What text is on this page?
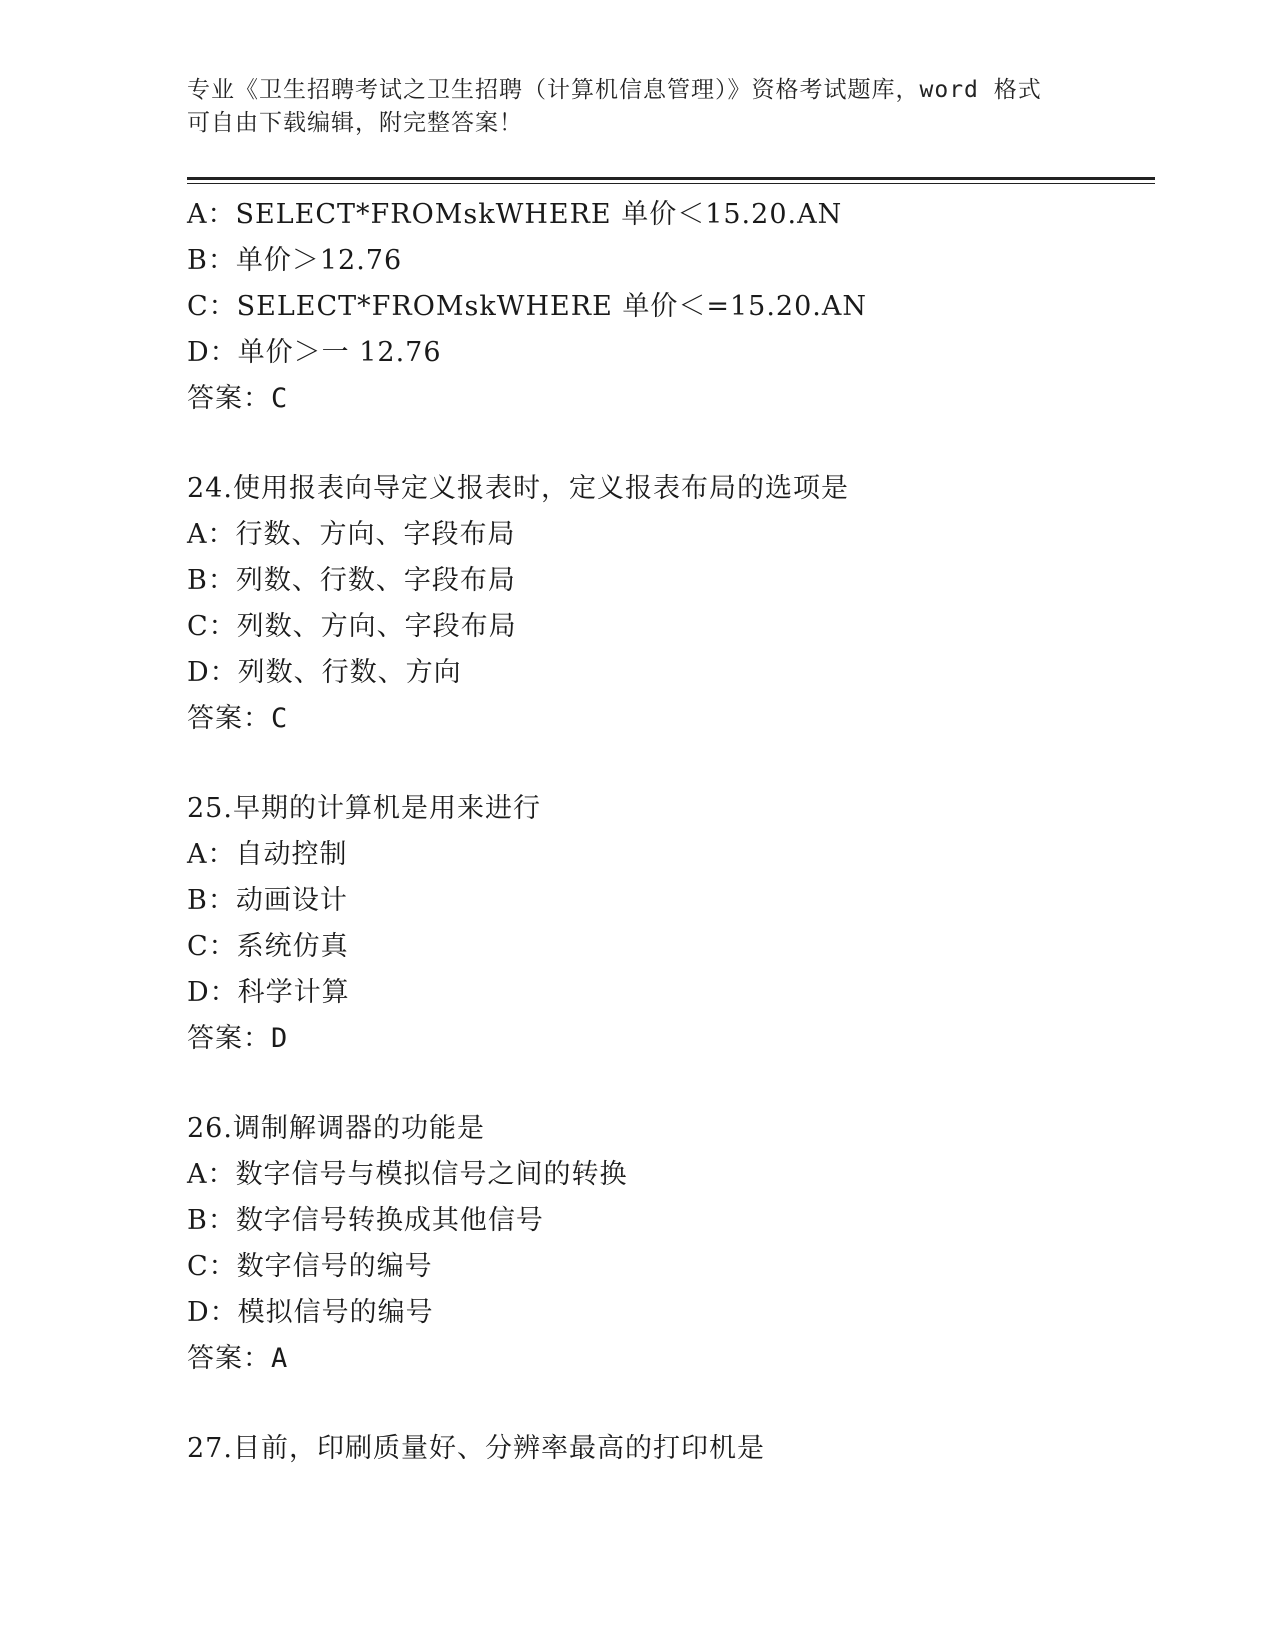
专业《卫生招聘考试之卫生招聘（计算机信息管理）》资格考试题库，word 格式
可自由下载编辑，附完整答案！
A：SELECT*FROMskWHERE 单价＜15.20.AN
B：单价＞12.76
C：SELECT*FROMskWHERE 单价＜=15.20.AN
D：单价＞一 12.76
答案：C
24.使用报表向导定义报表时，定义报表布局的选项是
A：行数、方向、字段布局
B：列数、行数、字段布局
C：列数、方向、字段布局
D：列数、行数、方向
答案：C
25.早期的计算机是用来进行
A：自动控制
B：动画设计
C：系统仿真
D：科学计算
答案：D
26.调制解调器的功能是
A：数字信号与模拟信号之间的转换
B：数字信号转换成其他信号
C：数字信号的编号
D：模拟信号的编号
答案：A
27.目前，印刷质量好、分辨率最高的打印机是
